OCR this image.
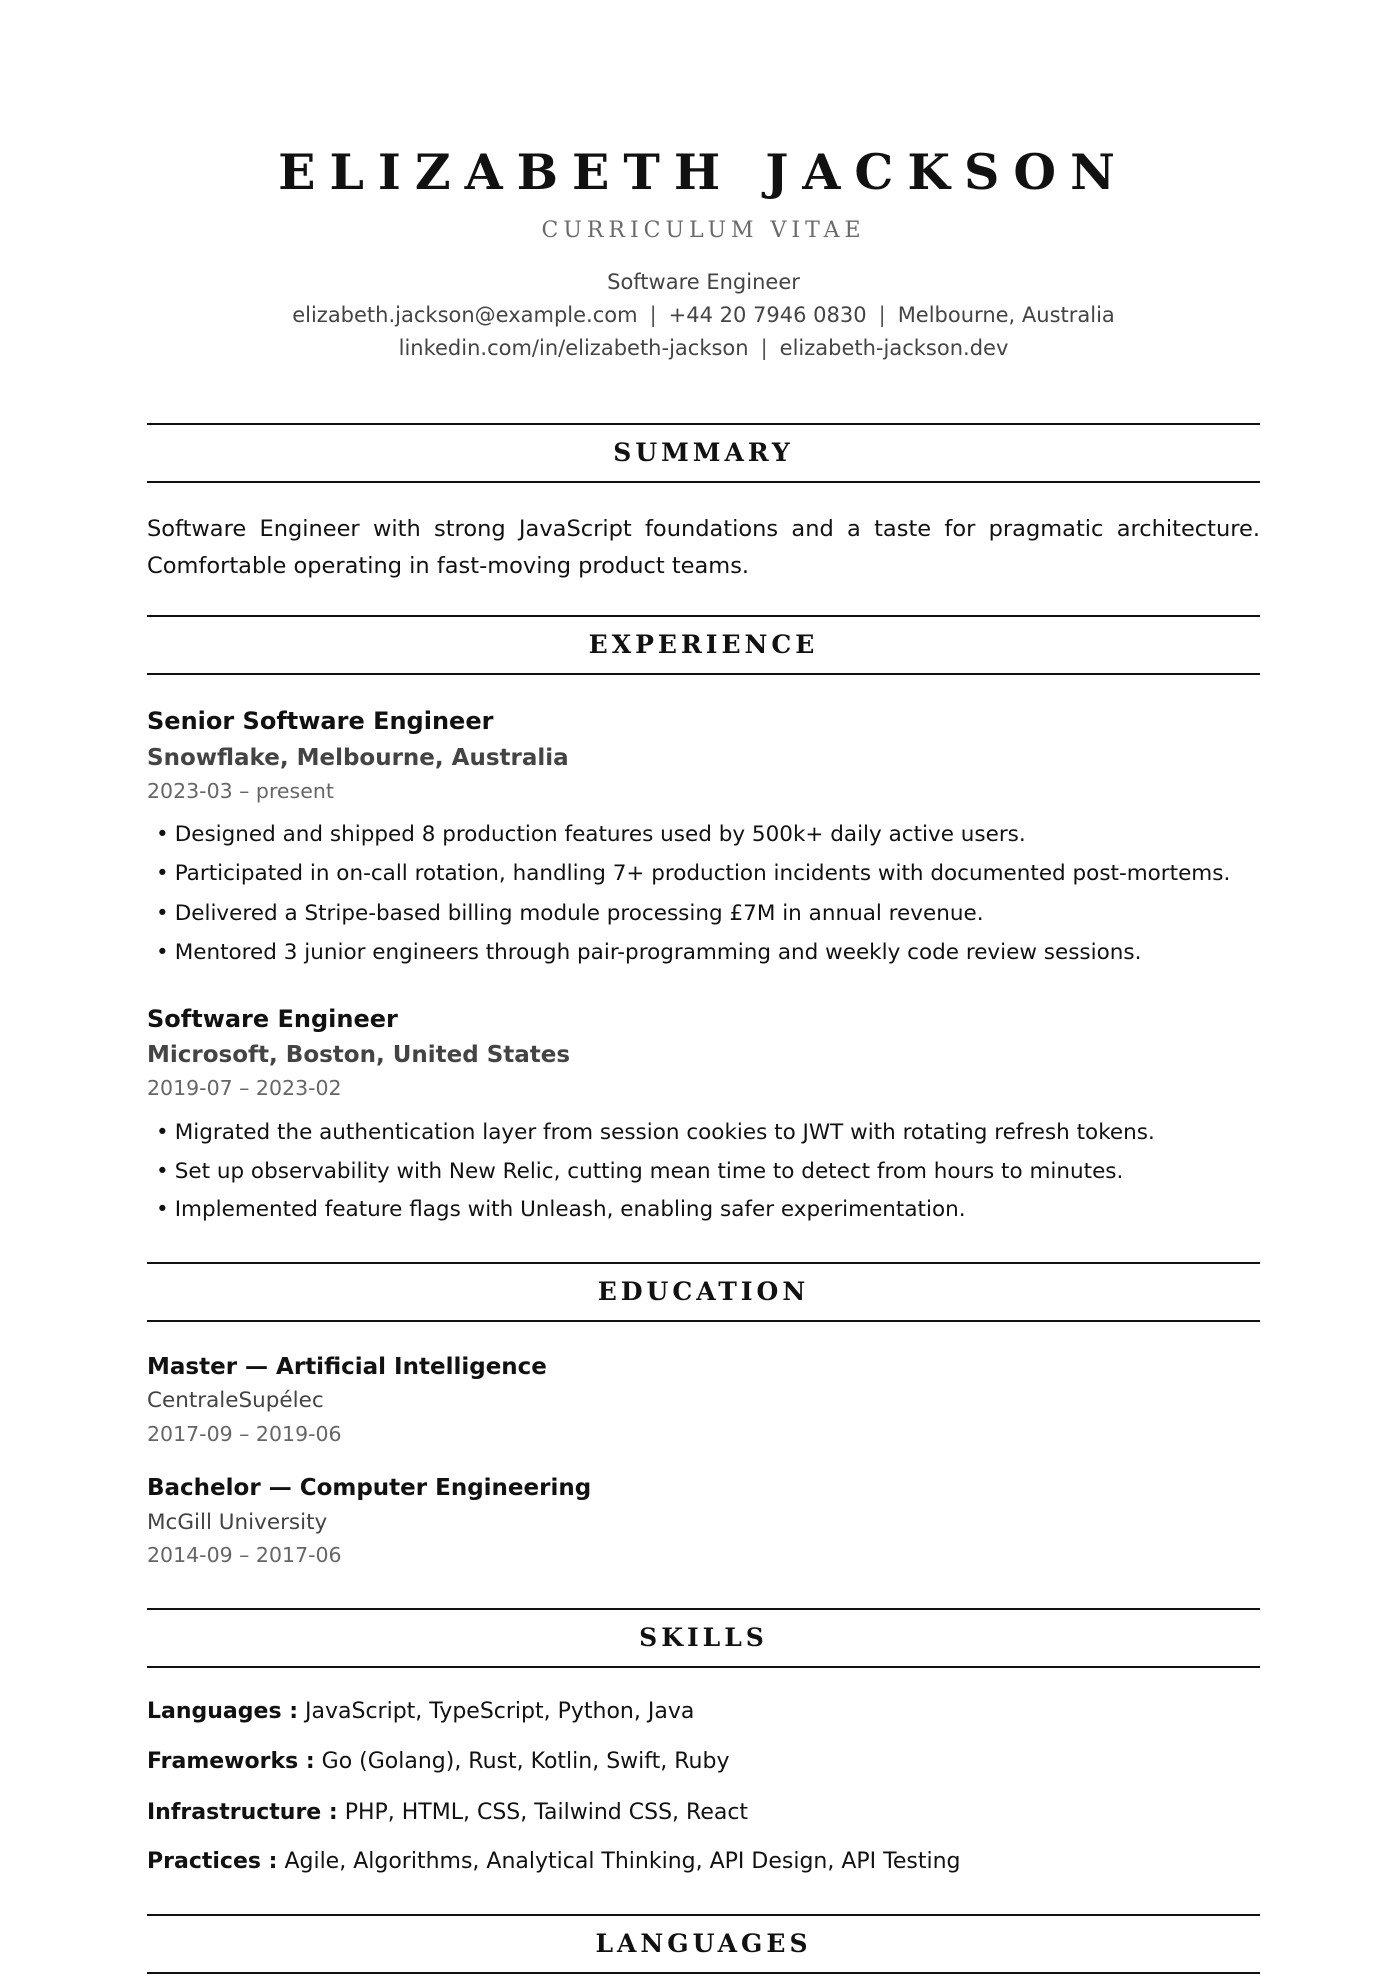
ELIZABETH JACKSON
CURRICULUM VITAE
Software Engineer
elizabeth.jackson@example.com | +44 20 7946 0830 | Melbourne, Australia
linkedin.com/in/elizabeth-jackson | elizabeth-jackson.dev
SUMMARY
Software Engineer with strong JavaScript foundations and a taste for pragmatic architecture. Comfortable operating in fast-moving product teams.
EXPERIENCE
Senior Software Engineer
Snowflake, Melbourne, Australia
2023-03 – present
• Designed and shipped 8 production features used by 500k+ daily active users.
• Participated in on-call rotation, handling 7+ production incidents with documented post-mortems.
• Delivered a Stripe-based billing module processing £7M in annual revenue.
• Mentored 3 junior engineers through pair-programming and weekly code review sessions.
Software Engineer
Microsoft, Boston, United States
2019-07 – 2023-02
• Migrated the authentication layer from session cookies to JWT with rotating refresh tokens.
• Set up observability with New Relic, cutting mean time to detect from hours to minutes.
• Implemented feature flags with Unleash, enabling safer experimentation.
EDUCATION
Master — Artificial Intelligence
CentraleSupélec
2017-09 – 2019-06
Bachelor — Computer Engineering
McGill University
2014-09 – 2017-06
SKILLS
Languages : JavaScript, TypeScript, Python, Java
Frameworks : Go (Golang), Rust, Kotlin, Swift, Ruby
Infrastructure : PHP, HTML, CSS, Tailwind CSS, React
Practices : Agile, Algorithms, Analytical Thinking, API Design, API Testing
LANGUAGES
